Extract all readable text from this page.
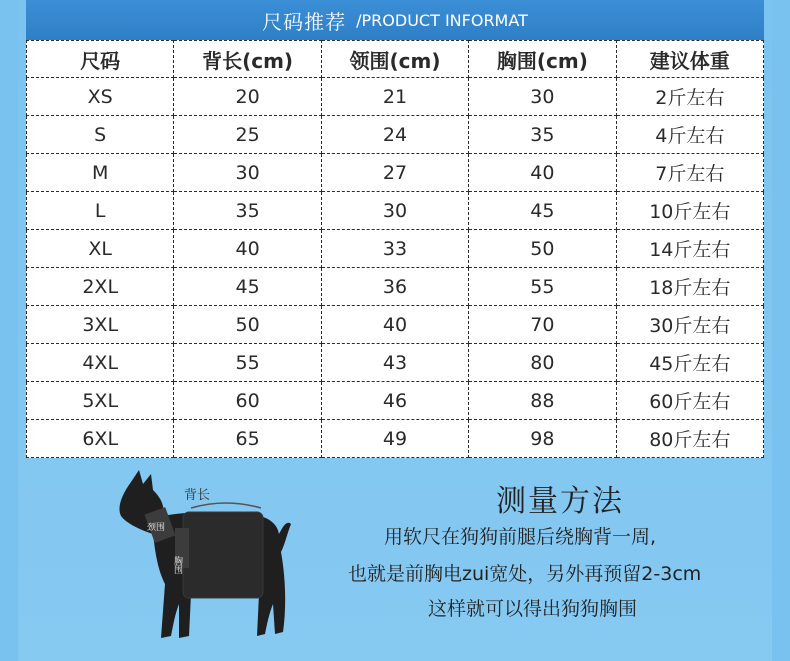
尺码推荐 /PRODUCT INFORMAT
尺码	背长(cm)	领围(cm)	胸围(cm)	建议体重
XS	20	21	30	2斤左右
S	25	24	35	4斤左右
M	30	27	40	7斤左右
L	35	30	45	10斤左右
XL	40	33	50	14斤左右
2XL	45	36	55	18斤左右
3XL	50	40	70	30斤左右
4XL	55	43	80	45斤左右
5XL	60	46	88	60斤左右
6XL	65	49	98	80斤左右
颈围
胸围
背长	测量方法
用软尺在狗狗前腿后绕胸背一周,
也就是前胸电zui宽处，另外再预留2-3cm
这样就可以得出狗狗胸围
